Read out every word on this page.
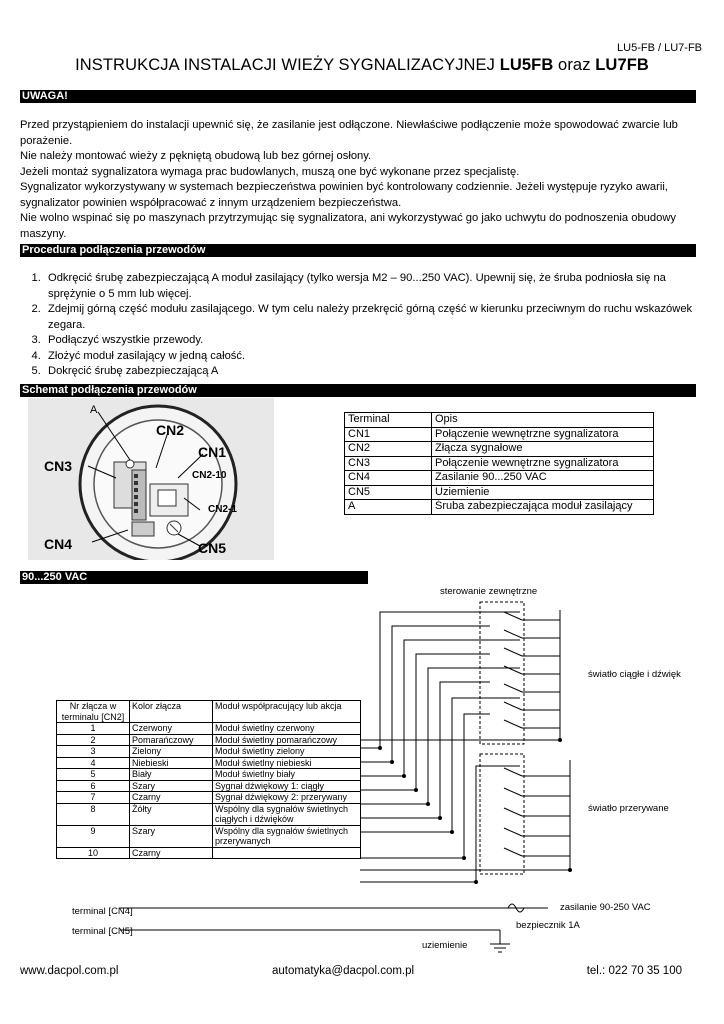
LU5-FB / LU7-FB
INSTRUKCJA INSTALACJI WIEŻY SYGNALIZACYJNEJ LU5FB oraz LU7FB
UWAGA!

Przed przystąpieniem do instalacji upewnić się, że zasilanie jest odłączone. Niewłaściwe podłączenie może spowodować zwarcie lub porażenie.

Nie należy montować wieży z pękniętą obudową lub bez górnej osłony.

Jeżeli montaż sygnalizatora wymaga prac budowlanych, muszą one być wykonane przez specjalistę.

Sygnalizator wykorzystywany w systemach bezpieczeństwa powinien być kontrolowany codziennie. Jeżeli występuje ryzyko awarii, sygnalizator powinien współpracować z innym urządzeniem bezpieczeństwa.

Nie wolno wspinać się po maszynach przytrzymując się sygnalizatora, ani wykorzystywać go jako uchwytu do podnoszenia obudowy maszyny.

Procedura podłączenia przewodów
1. Odkręcić śrubę zabezpieczającą A moduł zasilający (tylko wersja M2 – 90...250 VAC). Upewnij się, że śruba podniosła się na sprężynie o 5 mm lub więcej.
2. Zdejmij górną część modułu zasilającego. W tym celu należy przekręcić górną część w kierunku przeciwnym do ruchu wskazówek zegara.
3. Podłączyć wszystkie przewody.
4. Złożyć moduł zasilający w jedną całość.
5. Dokręcić śrubę zabezpieczającą A
Schemat podłączenia przewodów
A
CN2
CN1
CN3
CN2-10
CN2-1
CN4	CN5
Terminal	Opis
CN1	Połączenie wewnętrzne sygnalizatora
CN2	Złącza sygnałowe
CN3	Połączenie wewnętrzne sygnalizatora
CN4	Zasilanie 90...250 VAC
CN5	Uziemienie
A	Śruba zabezpieczająca moduł zasilający
90...250 VAC
sterowanie zewnętrzne
światło ciągłe i dźwięk
światło przerywane
zasilanie 90-250 VAC
bezpiecznik 1A
uziemienie
terminal [CN4]
terminal [CN5]
Nr złącza w terminalu [CN2]	Kolor złącza	Moduł współpracujący lub akcja
1	Czerwony	Moduł świetlny czerwony
2	Pomarańczowy	Moduł świetlny pomarańczowy
3	Zielony	Moduł świetlny zielony
4	Niebieski	Moduł świetlny niebieski
5	Biały	Moduł świetlny biały
6	Szary	Sygnał dźwiękowy 1: ciągły
7	Czarny	Sygnał dźwiękowy 2: przerywany
8	Żółty	Wspólny dla sygnałów świetlnych ciągłych i dźwięków
9	Szary	Wspólny dla sygnałów świetlnych przerywanych
10	Czarny	
www.dacpol.com.pl	automatyka@dacpol.com.pl	tel.: 022 70 35 100
